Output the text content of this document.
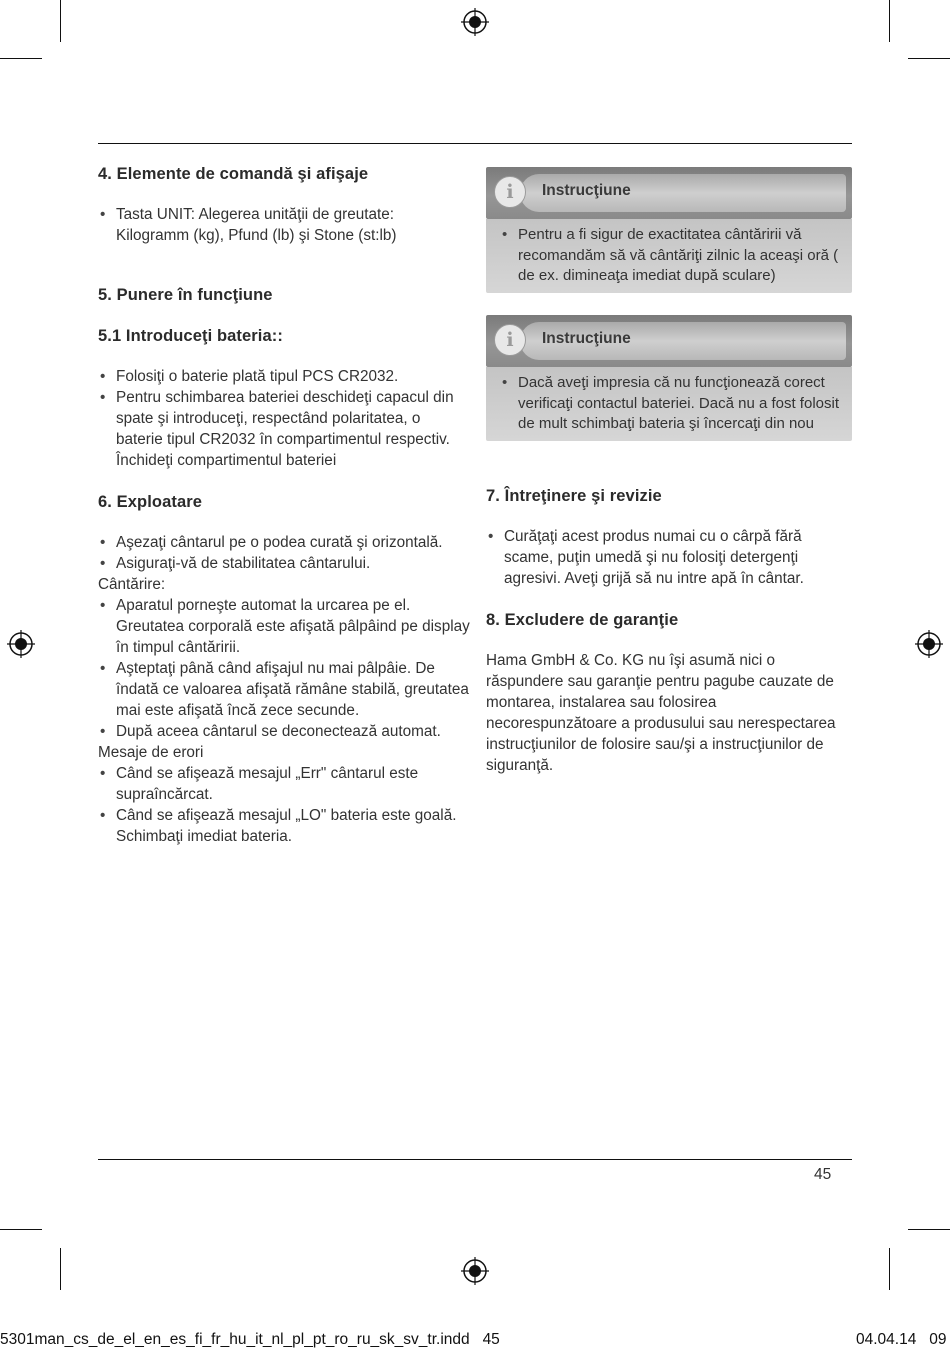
4. Elemente de comandă şi afişaje
• Tasta UNIT: Alegerea unităţii de greutate: Kilogramm (kg), Pfund (lb) şi Stone (st:lb)
5. Punere în funcţiune
5.1 Introduceţi bateria::
• Folosiţi o baterie plată tipul PCS CR2032.
• Pentru schimbarea bateriei deschideţi capacul din spate şi introduceţi, respectând polaritatea, o baterie tipul CR2032 în compartimentul respectiv. Închideţi compartimentul bateriei
6. Exploatare
• Aşezaţi cântarul pe o podea curată şi orizontală.
• Asiguraţi-vă de stabilitatea cântarului.
Cântărire:
• Aparatul porneşte automat la urcarea pe el. Greutatea corporală este afişată pâlpâind pe display în timpul cântăririi.
• Aşteptaţi până când afişajul nu mai pâlpâie. De îndată ce valoarea afişată rămâne stabilă, greutatea mai este afişată încă zece secunde.
• După aceea cântarul se deconectează automat.
Mesaje de erori
• Când se afişează mesajul „Err" cântarul este supraîncărcat.
• Când se afişează mesajul „LO" bateria este goală. Schimbaţi imediat bateria.
i	Instrucţiune
• Pentru a fi sigur de exactitatea cântăririi vă recomandăm să vă cântăriţi zilnic la aceaşi oră ( de ex. dimineaţa imediat după sculare)
i	Instrucţiune
• Dacă aveţi impresia că nu funcţionează corect verificaţi contactul bateriei. Dacă nu a fost folosit de mult schimbaţi bateria şi încercaţi din nou
7. Întreţinere şi revizie
• Curăţaţi acest produs numai cu o cârpă fără scame, puţin umedă şi nu folosiţi detergenţi agresivi. Aveţi grijă să nu intre apă în cântar.
8. Excludere de garanţie
Hama GmbH & Co. KG nu îşi asumă nici o răspundere sau garanţie pentru pagube cauzate de montarea, instalarea sau folosirea necorespunzătoare a produsului sau nerespectarea instrucţiunilor de folosire sau/şi a instrucţiunilor de siguranţă.
45
5301man_cs_de_el_en_es_fi_fr_hu_it_nl_pl_pt_ro_ru_sk_sv_tr.indd   45	04.04.14   09
